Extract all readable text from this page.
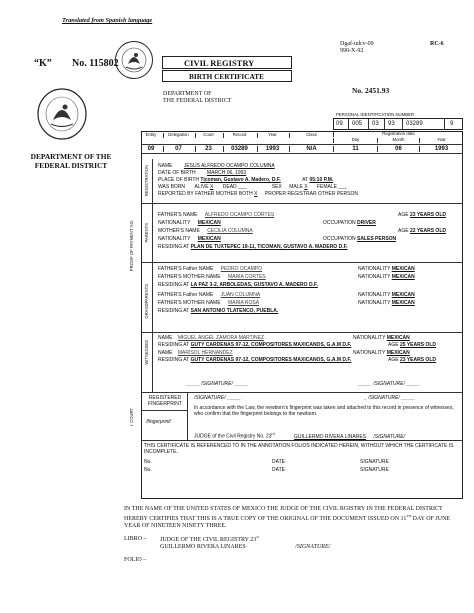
Translated from Spanish language
“K” No. 115802	CIVIL REGISTRY
BIRTH CERTIFICATE
DEPARTMENT OF
THE FEDERAL DISTRICT
Dgaf-udcv-09
990-X-92
RC-6
No. 2451.93
PERSONAL IDENTIFICATION NUMBER
09 005 03 93 03289	9
DEPARTMENT OF THE FEDERAL DISTRICT
PROOF OF PAYMENT NO.
I. COURT
Entity	Delegation	Court	Record	Year	Class	Registration date
Day	Month	Year
09	07	23	03289	1993	N/A	11	06	1993
REGISTRATION NAME JESUS ALFREDO OCAMPO COLUMNA
DATE OF BIRTH MARCH 06, 1993
PLACE OF BIRTH Ticoman, Gustavo A. Madero, D.F.	AT 05:10 P.M.
WAS BORN ALIVE X DEAD ___	SEX MALE X FEMALE ___
REPORTED BY FATHER MOTHER BOTH X PROPER REGISTRAR OTHER PERSON
PARENTS
FATHER'S NAME ALFREDO OCAMPO CORTES	AGE 23 YEARS OLD
NATIONALITY MEXICAN	OCCUPATION DRIVER
MOTHER'S NAME CECILIA COLUMNA	AGE 22 YEARS OLD
NATIONALITY MEXICAN	OCCUPATION SALES PERSON
RESIDING AT PLAN DE TUXTEPEC 19-11, TICOMAN, GUSTAVO A. MADERO D.F.
GRANDPARENTS
FATHER'S Father NAME PEDRO OCAMPO	NATIONALITY MEXICAN
FATHER'S MOTHER NAME MARIA CORTES	NATIONALITY MEXICAN
RESIDING AT LA PAZ 3-2, ARBOLEDAS, GUSTAVO A. MADERO D.F.
FATHER'S Father NAME JUAN COLUMNA	NATIONALITY MEXICAN
FATHER'S MOTHER NAME MARIA ROSA	NATIONALITY MEXICAN
RESIDING AT SAN ANTONIO TLATENCO, PUEBLA.
WITNESSES
NAME MIGUEL ANGEL ZAMORA MARTINEZ	NATIONALITY MEXICAN
RESIDING AT GUTY CARDENAS 97-12, COMPOSITORES MAXICANOS, G.A.M D.F.	AGE 25 YEARS OLD
NAME MARISOL HERNANDEZ	NATIONALITY MEXICAN
RESIDING AT GUTY CARDENAS 97-12, COMPOSITORES MAXICANOS, G.A.M D.F.	AGE 23 YEARS OLD
_____ /SIGNATURE/ _____	_____ /SIGNATURE/ _____
REGISTERED
FINGERPRINT
/fingerprint/
/SIGNATURE/ _____	_ /SIGNATURE/ _____
In accordance with the Law, the newborn's fingerprint was taken and attached to this record in presence of witnesses, who confirm that the fingerprint belongs to the newborn.
JUDGE of the Civil Registry No. 23rd	GUILLERMO RIVERA LINARES /SIGNATURE/
THIS CERTIFICATE IS REFERENCED TO IN THE ANNOTATION FOLIOS INDICATED HEREIN, WITHOUT WHICH THE CERTIFICATE IS INCOMPLETE.
No.	DATE	SIGNATURE
No.	DATE	SIGNATURE
IN THE NAME OF THE UNITED STATES OF MEXICO THE JUDGE OF THE CIVIL RGISTRY IN THE FEDERAL DISTRICT HEREBY CERTIFIES THAT THIS IS A TRUE COPY OF THE ORIGINAL OF THE DOCUMENT ISSUED ON 11TH DAY OF JUNE YEAR OF NINETEEN NINETY THREE.
LIBRO –
FOLIO –
JUDGE OF THE CIVIL REGISTRY 23rd
GUILLERMO RIVERA LINARES	/SIGNATURE/
